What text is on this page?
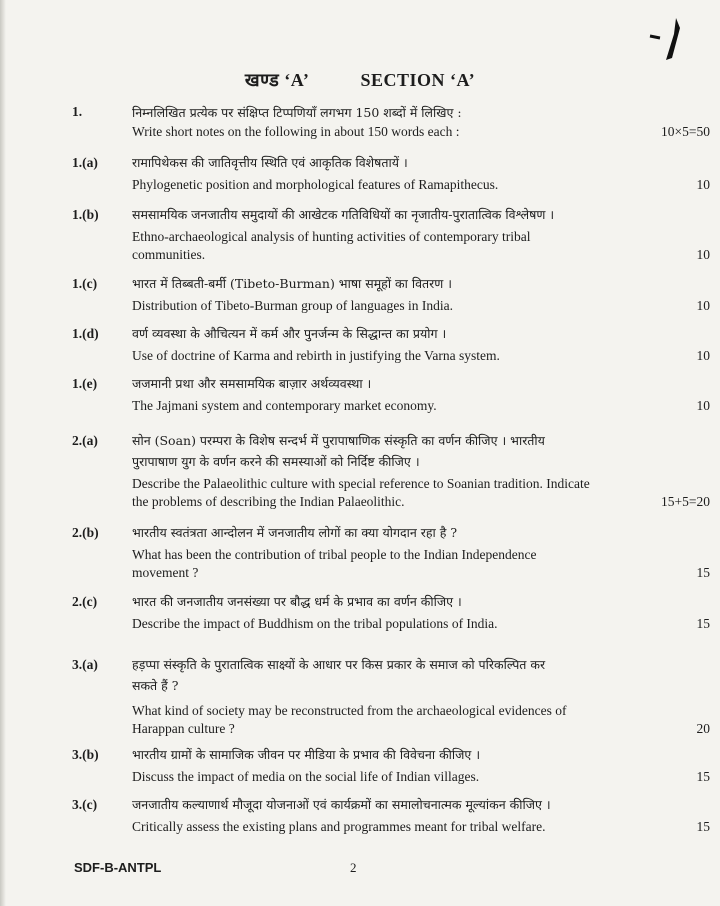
खण्ड ‘A’	SECTION ‘A’
1.	निम्नलिखित प्रत्येक पर संक्षिप्त टिप्पणियाँ लगभग 150 शब्दों में लिखिए :
Write short notes on the following in about 150 words each :	10×5=50
1.(a)	रामापिथेकस की जातिवृत्तीय स्थिति एवं आकृतिक विशेषतायें ।
Phylogenetic position and morphological features of Ramapithecus.	10
1.(b)	समसामयिक जनजातीय समुदायों की आखेटक गतिविधियों का नृजातीय-पुरातात्विक विश्लेषण ।
Ethno-archaeological analysis of hunting activities of contemporary tribal
communities.	10
1.(c)	भारत में तिब्बती-बर्मी (Tibeto-Burman) भाषा समूहों का वितरण ।
Distribution of Tibeto-Burman group of languages in India.	10
1.(d)	वर्ण व्यवस्था के औचित्यन में कर्म और पुनर्जन्म के सिद्धान्त का प्रयोग ।
Use of doctrine of Karma and rebirth in justifying the Varna system.	10
1.(e)	जजमानी प्रथा और समसामयिक बाज़ार अर्थव्यवस्था ।
The Jajmani system and contemporary market economy.	10
2.(a)	सोन (Soan) परम्परा के विशेष सन्दर्भ में पुरापाषाणिक संस्कृति का वर्णन कीजिए । भारतीय
पुरापाषाण युग के वर्णन करने की समस्याओं को निर्दिष्ट कीजिए ।
Describe the Palaeolithic culture with special reference to Soanian tradition. Indicate
the problems of describing the Indian Palaeolithic.	15+5=20
2.(b)	भारतीय स्वतंत्रता आन्दोलन में जनजातीय लोगों का क्या योगदान रहा है ?
What has been the contribution of tribal people to the Indian Independence
movement ?	15
2.(c)	भारत की जनजातीय जनसंख्या पर बौद्ध धर्म के प्रभाव का वर्णन कीजिए ।
Describe the impact of Buddhism on the tribal populations of India.	15
3.(a)	हड़प्पा संस्कृति के पुरातात्विक साक्ष्यों के आधार पर किस प्रकार के समाज को परिकल्पित कर
सकते हैं ?
What kind of society may be reconstructed from the archaeological evidences of
Harappan culture ?	20
3.(b)	भारतीय ग्रामों के सामाजिक जीवन पर मीडिया के प्रभाव की विवेचना कीजिए ।
Discuss the impact of media on the social life of Indian villages.	15
3.(c)	जनजातीय कल्याणार्थ मौजूदा योजनाओं एवं कार्यक्रमों का समालोचनात्मक मूल्यांकन कीजिए ।
Critically assess the existing plans and programmes meant for tribal welfare.	15
SDF-B-ANTPL	2
